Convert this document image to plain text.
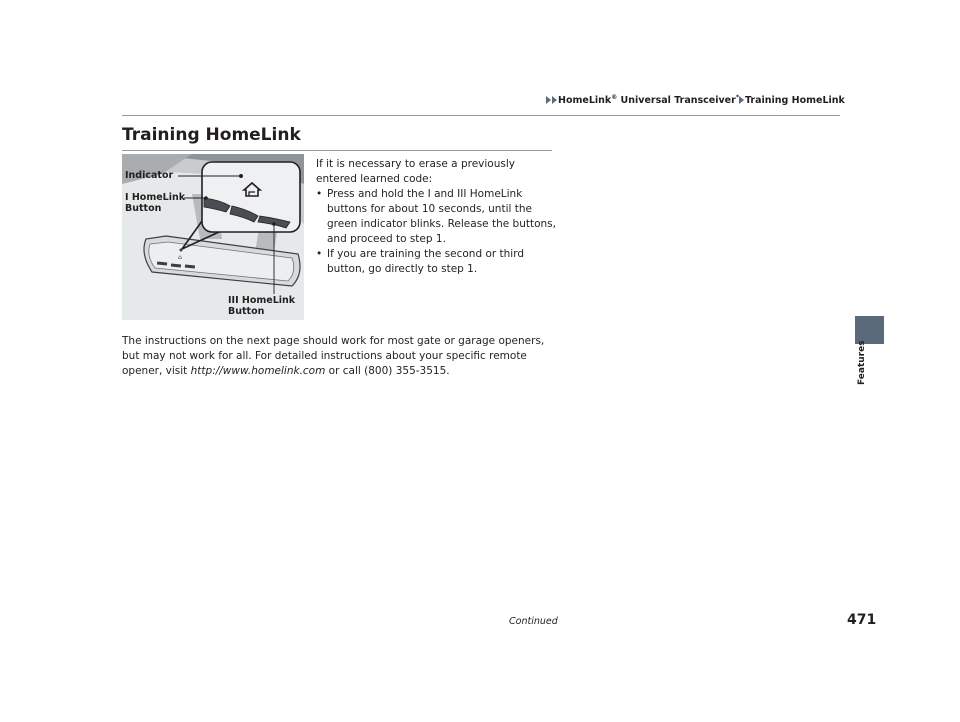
HomeLink® Universal Transceiver* Training HomeLink
Features
Training HomeLink
⌂
Indicator
I HomeLink
Button
III HomeLink
Button
If it is necessary to erase a previously entered learned code:
• Press and hold the I and III HomeLink buttons for about 10 seconds, until the green indicator blinks. Release the buttons, and proceed to step 1.
• If you are training the second or third button, go directly to step 1.
The instructions on the next page should work for most gate or garage openers, but may not work for all. For detailed instructions about your specific remote opener, visit http://www.homelink.com or call (800) 355-3515.
Continued	471
